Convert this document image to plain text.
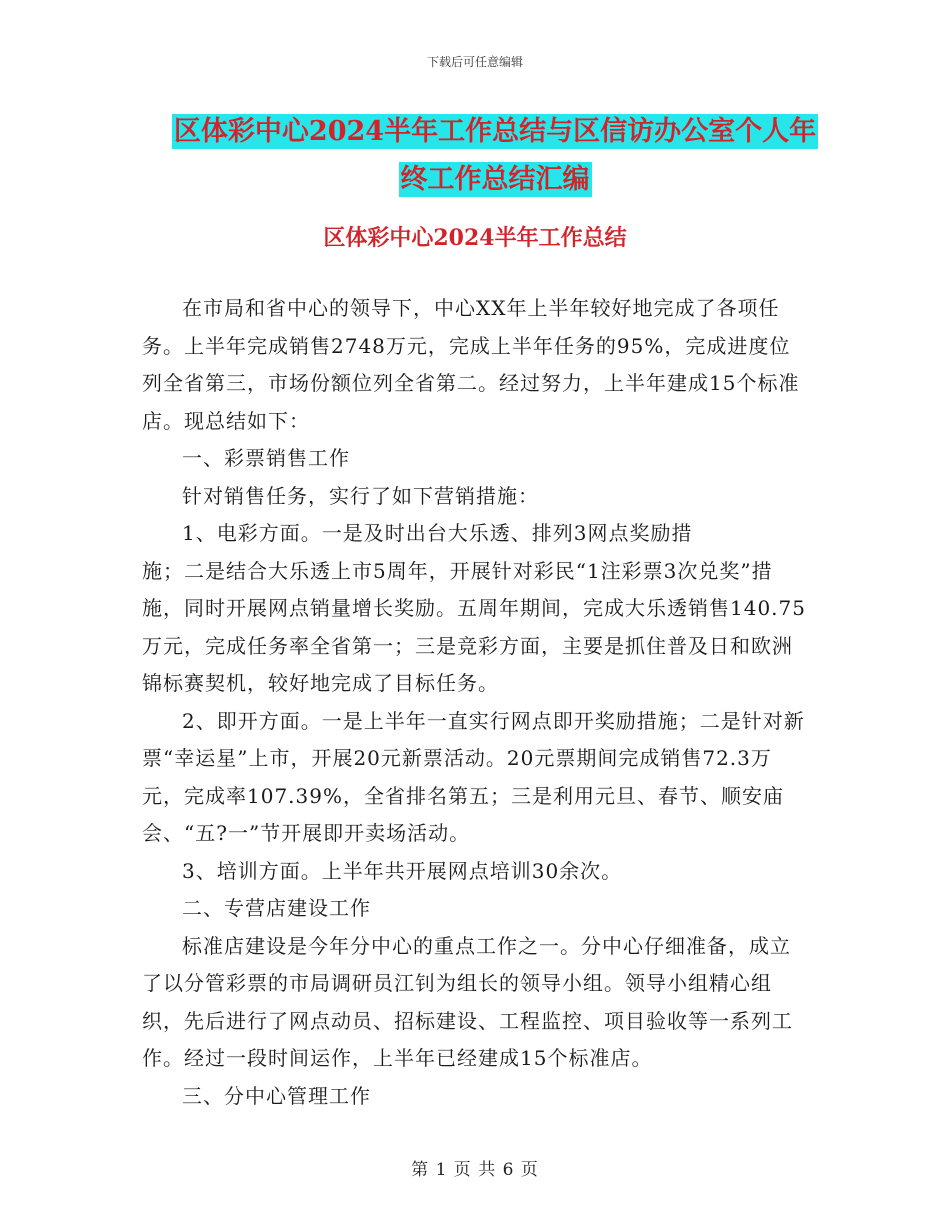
下载后可任意编辑
区体彩中心2024半年工作总结与区信访办公室个人年
终工作总结汇编
区体彩中心2024半年工作总结

在市局和省中心的领导下，中心XX年上半年较好地完成了各项任务。上半年完成销售2748万元，完成上半年任务的95%，完成进度位列全省第三，市场份额位列全省第二。经过努力，上半年建成15个标准店。现总结如下：

一、彩票销售工作

针对销售任务，实行了如下营销措施：

1、电彩方面。一是及时出台大乐透、排列3网点奖励措

施；二是结合大乐透上市5周年，开展针对彩民“1注彩票3次兑奖”措施，同时开展网点销量增长奖励。五周年期间，完成大乐透销售140.75万元，完成任务率全省第一；三是竞彩方面，主要是抓住普及日和欧洲锦标赛契机，较好地完成了目标任务。

2、即开方面。一是上半年一直实行网点即开奖励措施；二是针对新票“幸运星”上市，开展20元新票活动。20元票期间完成销售72.3万元，完成率107.39%，全省排名第五；三是利用元旦、春节、顺安庙会、“五?一”节开展即开卖场活动。

3、培训方面。上半年共开展网点培训30余次。

二、专营店建设工作

标准店建设是今年分中心的重点工作之一。分中心仔细准备，成立了以分管彩票的市局调研员江钊为组长的领导小组。领导小组精心组织，先后进行了网点动员、招标建设、工程监控、项目验收等一系列工作。经过一段时间运作，上半年已经建成15个标准店。

三、分中心管理工作

第 1 页 共 6 页
